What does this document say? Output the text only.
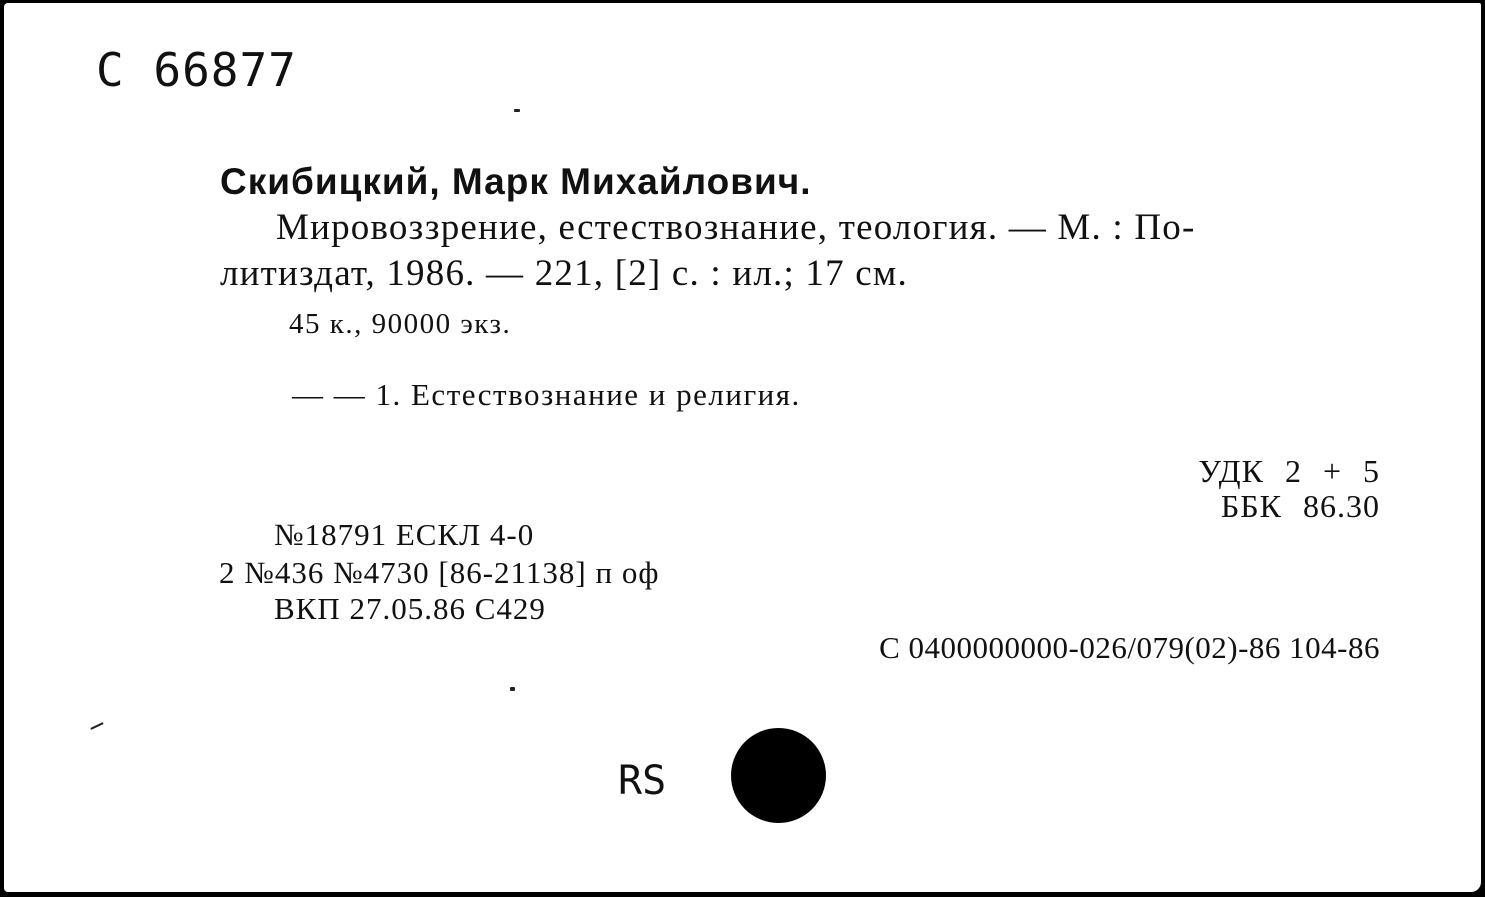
С 66877
Скибицкий, Марк Михайлович.
Мировоззрение, естествознание, теология. — М. : По-
литиздат, 1986. — 221, [2] с. : ил.; 17 см.
45 к., 90000 экз.
— — 1. Естествознание и религия.
УДК 2 + 5
ББК 86.30
№18791 ЕСКЛ 4-0
2 №436 №4730 [86-21138] п оф
ВКП 27.05.86 С429
С 0400000000-026/079(02)-86 104-86
RS
